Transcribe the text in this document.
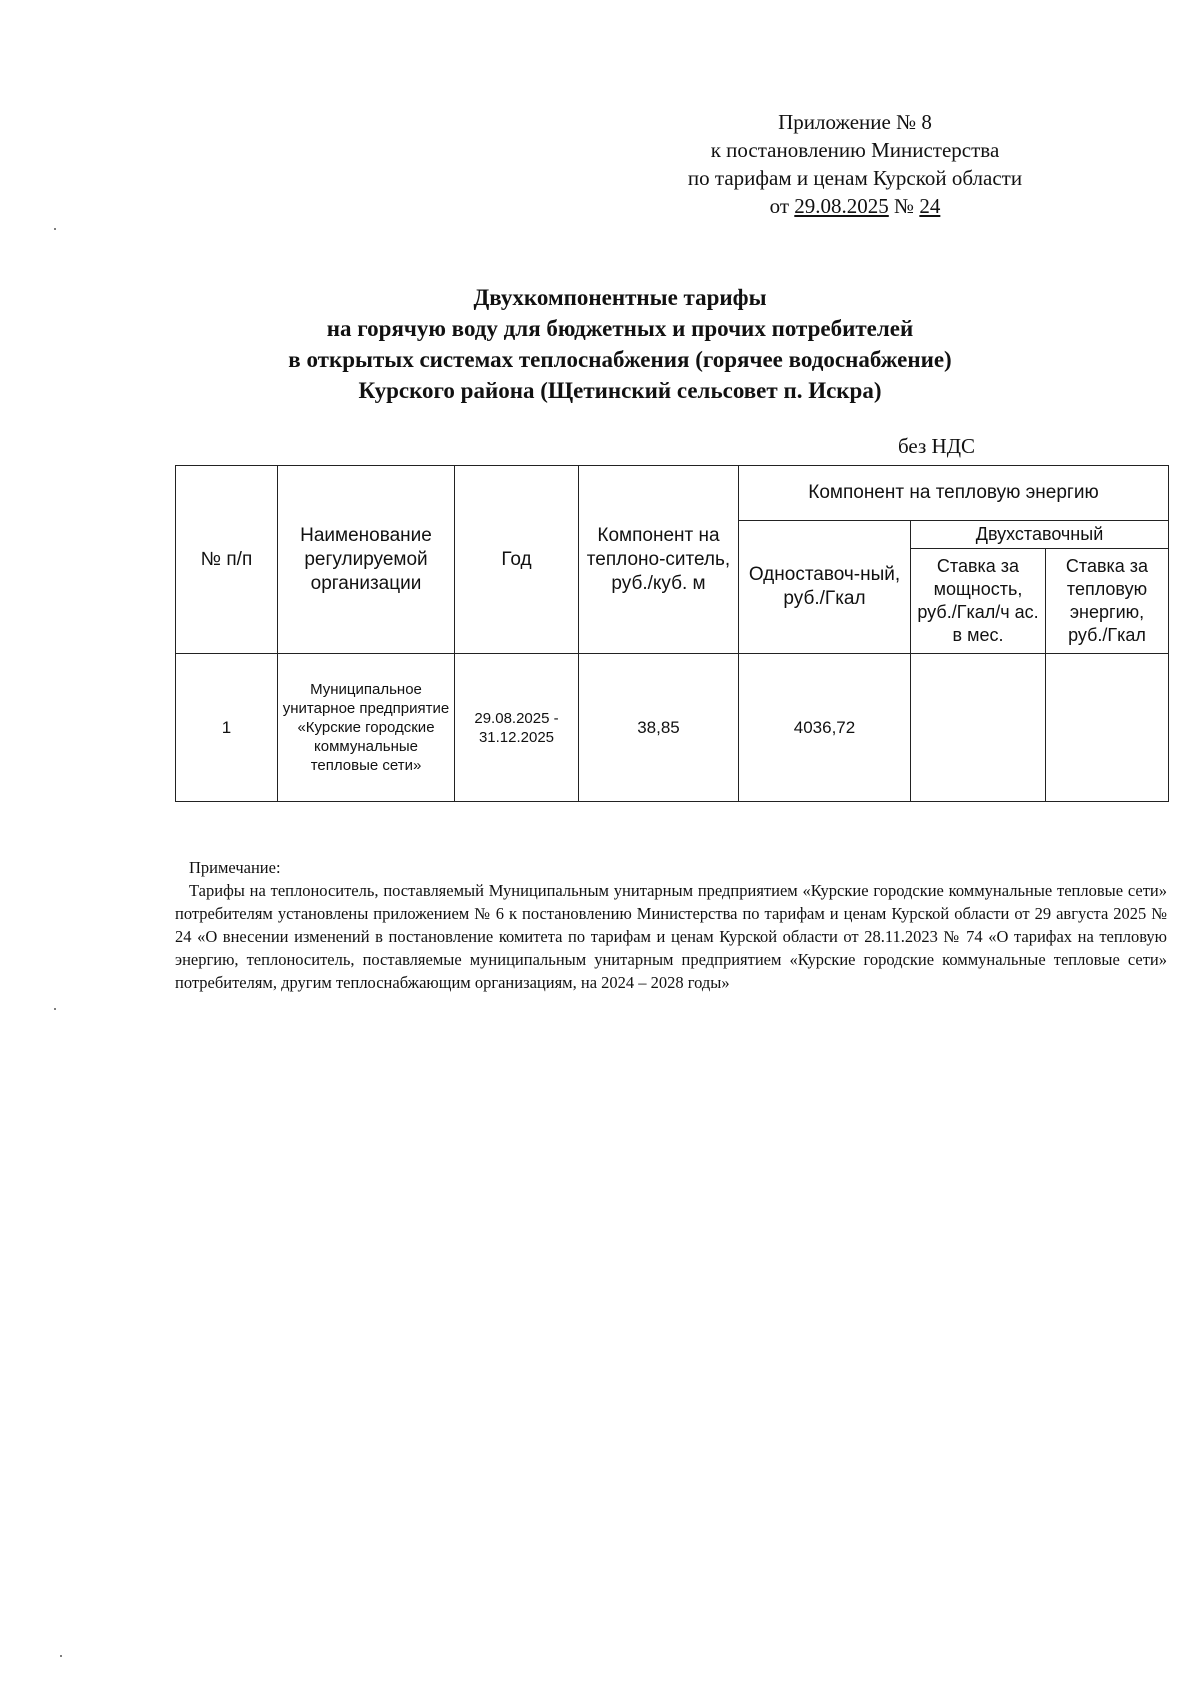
Приложение № 8
к постановлению Министерства
по тарифам и ценам Курской области
от 29.08.2025 № 24
Двухкомпонентные тарифы
на горячую воду для бюджетных и прочих потребителей
в открытых системах теплоснабжения (горячее водоснабжение)
Курского района (Щетинский сельсовет п. Искра)
без НДС
№ п/п	Наименование регулируемой организации	Год	Компонент на теплоно-ситель, руб./куб. м	Компонент на тепловую энергию		
				Одноставоч-ный, руб./Гкал	Двухставочный	
					Ставка за мощность, руб./Гкал/ч ас. в мес.	Ставка за тепловую энергию, руб./Гкал
1	Муниципальное унитарное предприятие «Курские городские коммунальные тепловые сети»	29.08.2025 - 31.12.2025	38,85	4036,72		
Примечание:
Тарифы на теплоноситель, поставляемый Муниципальным унитарным предприятием «Курские городские коммунальные тепловые сети» потребителям установлены приложением № 6 к постановлению Министерства по тарифам и ценам Курской области от 29 августа 2025 № 24 «О внесении изменений в постановление комитета по тарифам и ценам Курской области от 28.11.2023 № 74 «О тарифах на тепловую энергию, теплоноситель, поставляемые муниципальным унитарным предприятием «Курские городские коммунальные тепловые сети» потребителям, другим теплоснабжающим организациям, на 2024 – 2028 годы»
